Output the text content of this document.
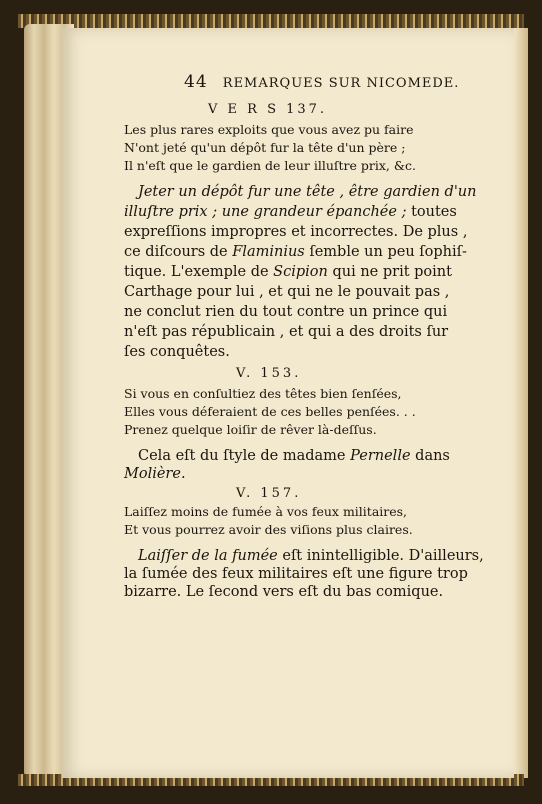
44 REMARQUES SUR NICOMEDE.
V E R S 137.
Les plus rares exploits que vous avez pu faire
N'ont jeté qu'un dépôt fur la tête d'un père ;
Il n'eſt que le gardien de leur illuſtre prix, &c.
Jeter un dépôt fur une tête , être gardien d'un
illuſtre prix ; une grandeur épanchée ; toutes
expreſſions impropres et incorrectes. De plus ,
ce diſcours de Flaminius ſemble un peu ſophiſ-
tique. L'exemple de Scipion qui ne prit point
Carthage pour lui , et qui ne le pouvait pas ,
ne conclut rien du tout contre un prince qui
n'eſt pas républicain , et qui a des droits ſur
ſes conquêtes.
V. 153.
Si vous en conſultiez des têtes bien ſenſées,
Elles vous déferaient de ces belles penſées. . .
Prenez quelque loiſir de rêver là-deſſus.
Cela eſt du ſtyle de madame Pernelle dans
Molière.
V. 157.
Laiſſez moins de fumée à vos feux militaires,
Et vous pourrez avoir des viſions plus claires.
Laiſſer de la fumée eſt inintelligible. D'ailleurs,
la ſumée des feux militaires eſt une figure trop
bizarre. Le ſecond vers eſt du bas comique.
